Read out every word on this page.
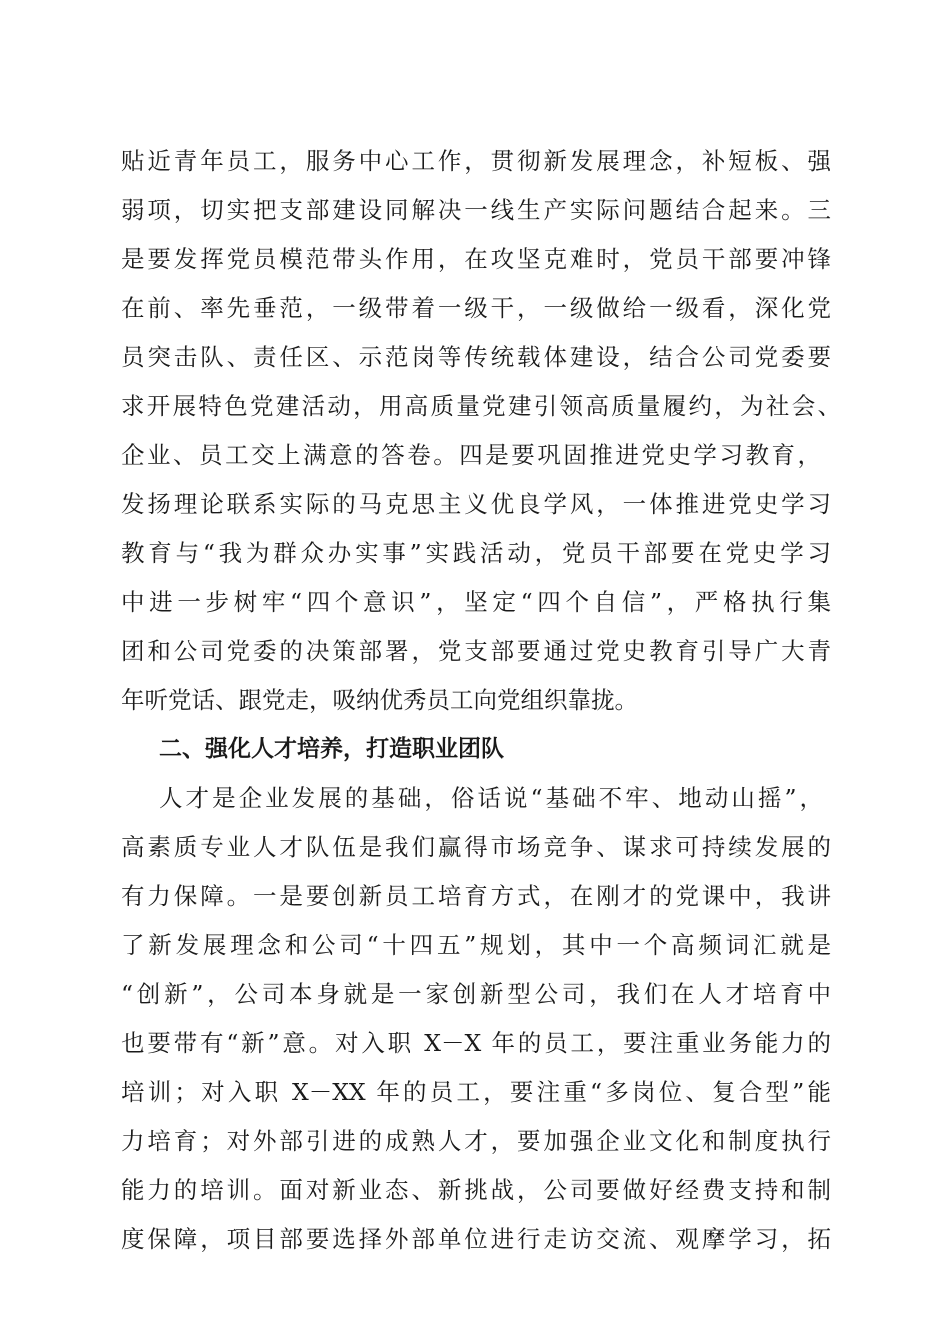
贴近青年员工，服务中心工作，贯彻新发展理念，补短板、强
弱项，切实把支部建设同解决一线生产实际问题结合起来。三
是要发挥党员模范带头作用，在攻坚克难时，党员干部要冲锋
在前、率先垂范，一级带着一级干，一级做给一级看，深化党
员突击队、责任区、示范岗等传统载体建设，结合公司党委要
求开展特色党建活动，用高质量党建引领高质量履约，为社会、
企业、员工交上满意的答卷。四是要巩固推进党史学习教育，
发扬理论联系实际的马克思主义优良学风，一体推进党史学习
教育与“我为群众办实事”实践活动，党员干部要在党史学习
中进一步树牢“四个意识”，坚定“四个自信”，严格执行集
团和公司党委的决策部署，党支部要通过党史教育引导广大青
年听党话、跟党走，吸纳优秀员工向党组织靠拢。
二、强化人才培养，打造职业团队
人才是企业发展的基础，俗话说“基础不牢、地动山摇”，
高素质专业人才队伍是我们赢得市场竞争、谋求可持续发展的
有力保障。一是要创新员工培育方式，在刚才的党课中，我讲
了新发展理念和公司“十四五”规划，其中一个高频词汇就是
“创新”，公司本身就是一家创新型公司，我们在人才培育中
也要带有“新”意。对入职 X－X 年的员工，要注重业务能力的
培训；对入职 X－XX 年的员工，要注重“多岗位、复合型”能
力培育；对外部引进的成熟人才，要加强企业文化和制度执行
能力的培训。面对新业态、新挑战，公司要做好经费支持和制
度保障，项目部要选择外部单位进行走访交流、观摩学习，拓
